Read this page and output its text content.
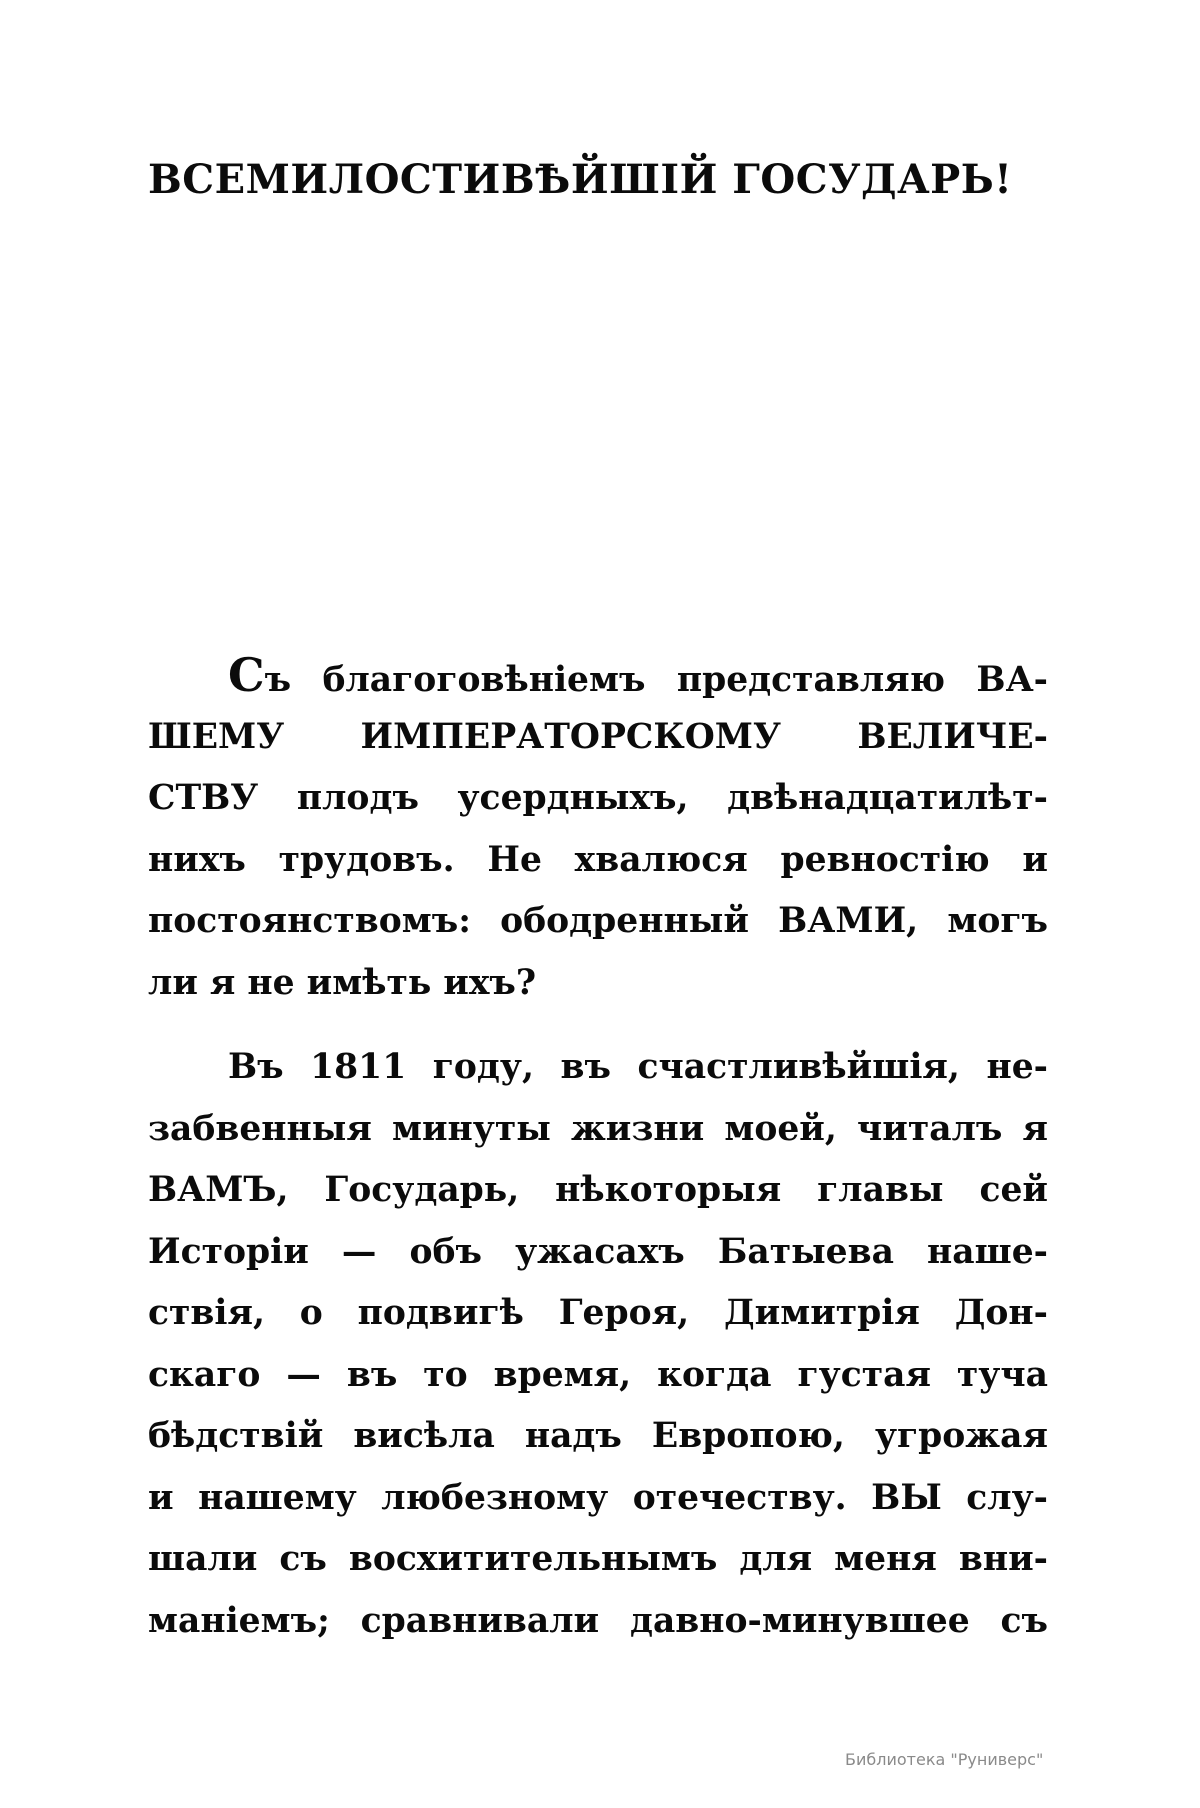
ВСЕМИЛОСТИВѢЙШІЙ ГОСУДАРЬ!
Съ благоговѣніемъ представляю ВА-
ШЕМУ ИМПЕРАТОРСКОМУ ВЕЛИЧЕ-
СТВУ плодъ усердныхъ, двѣнадцатилѣт-
нихъ трудовъ. Не хвалюся ревностію и
постоянствомъ: ободренный ВАМИ, могъ
ли я не имѣть ихъ?
Въ 1811 году, въ счастливѣйшія, не-
забвенныя минуты жизни моей, читалъ я
ВАМЪ, Государь, нѣкоторыя главы сей
Исторіи — объ ужасахъ Батыева наше-
ствія, о подвигѣ Героя, Димитрія Дон-
скаго — въ то время, когда густая туча
бѣдствій висѣла надъ Европою, угрожая
и нашему любезному отечеству. ВЫ слу-
шали съ восхитительнымъ для меня вни-
маніемъ; сравнивали давно-минувшее съ
Библиотека "Руниверс"
